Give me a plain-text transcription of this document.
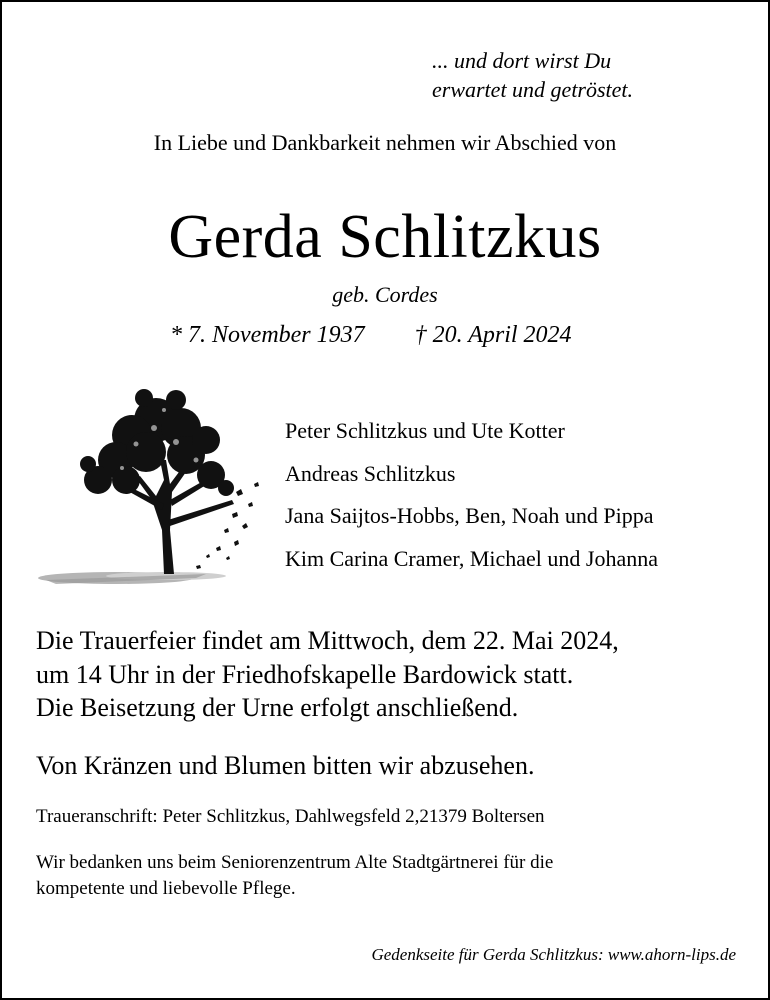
... und dort wirst Du
erwartet und getröstet.
In Liebe und Dankbarkeit nehmen wir Abschied von
Gerda Schlitzkus
geb. Cordes
* 7. November 1937 † 20. April 2024
Peter Schlitzkus und Ute Kotter
Andreas Schlitzkus
Jana Saijtos-Hobbs, Ben, Noah und Pippa
Kim Carina Cramer, Michael und Johanna
Die Trauerfeier findet am Mittwoch, dem 22. Mai 2024,
um 14 Uhr in der Friedhofskapelle Bardowick statt.
Die Beisetzung der Urne erfolgt anschließend.
Von Kränzen und Blumen bitten wir abzusehen.
Traueranschrift: Peter Schlitzkus, Dahlwegsfeld 2,21379 Boltersen
Wir bedanken uns beim Seniorenzentrum Alte Stadtgärtnerei für die
kompetente und liebevolle Pflege.
Gedenkseite für Gerda Schlitzkus: www.ahorn-lips.de
